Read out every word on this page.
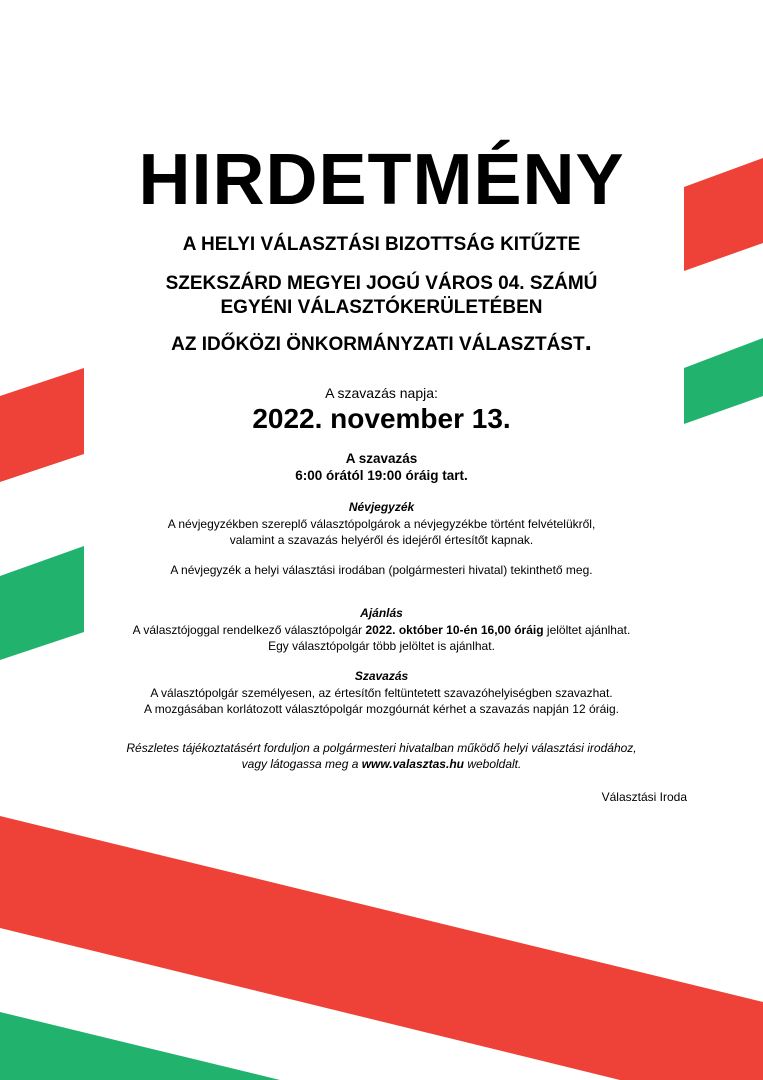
HIRDETMÉNY
A HELYI VÁLASZTÁSI BIZOTTSÁG KITŰZTE
SZEKSZÁRD MEGYEI JOGÚ VÁROS 04. SZÁMÚ
EGYÉNI VÁLASZTÓKERÜLETÉBEN
AZ IDŐKÖZI ÖNKORMÁNYZATI VÁLASZTÁST.
A szavazás napja:
2022. november 13.
A szavazás
6:00 órától 19:00 óráig tart.
Névjegyzék
A névjegyzékben szereplő választópolgárok a névjegyzékbe történt felvételükről,
valamint a szavazás helyéről és idejéről értesítőt kapnak.
A névjegyzék a helyi választási irodában (polgármesteri hivatal) tekinthető meg.
Ajánlás
A választójoggal rendelkező választópolgár 2022. október 10-én 16,00 óráig jelöltet ajánlhat.
Egy választópolgár több jelöltet is ajánlhat.
Szavazás
A választópolgár személyesen, az értesítőn feltüntetett szavazóhelyiségben szavazhat.
A mozgásában korlátozott választópolgár mozgóurnát kérhet a szavazás napján 12 óráig.
Részletes tájékoztatásért forduljon a polgármesteri hivatalban működő helyi választási irodához,
vagy látogassa meg a www.valasztas.hu weboldalt.
Választási Iroda
